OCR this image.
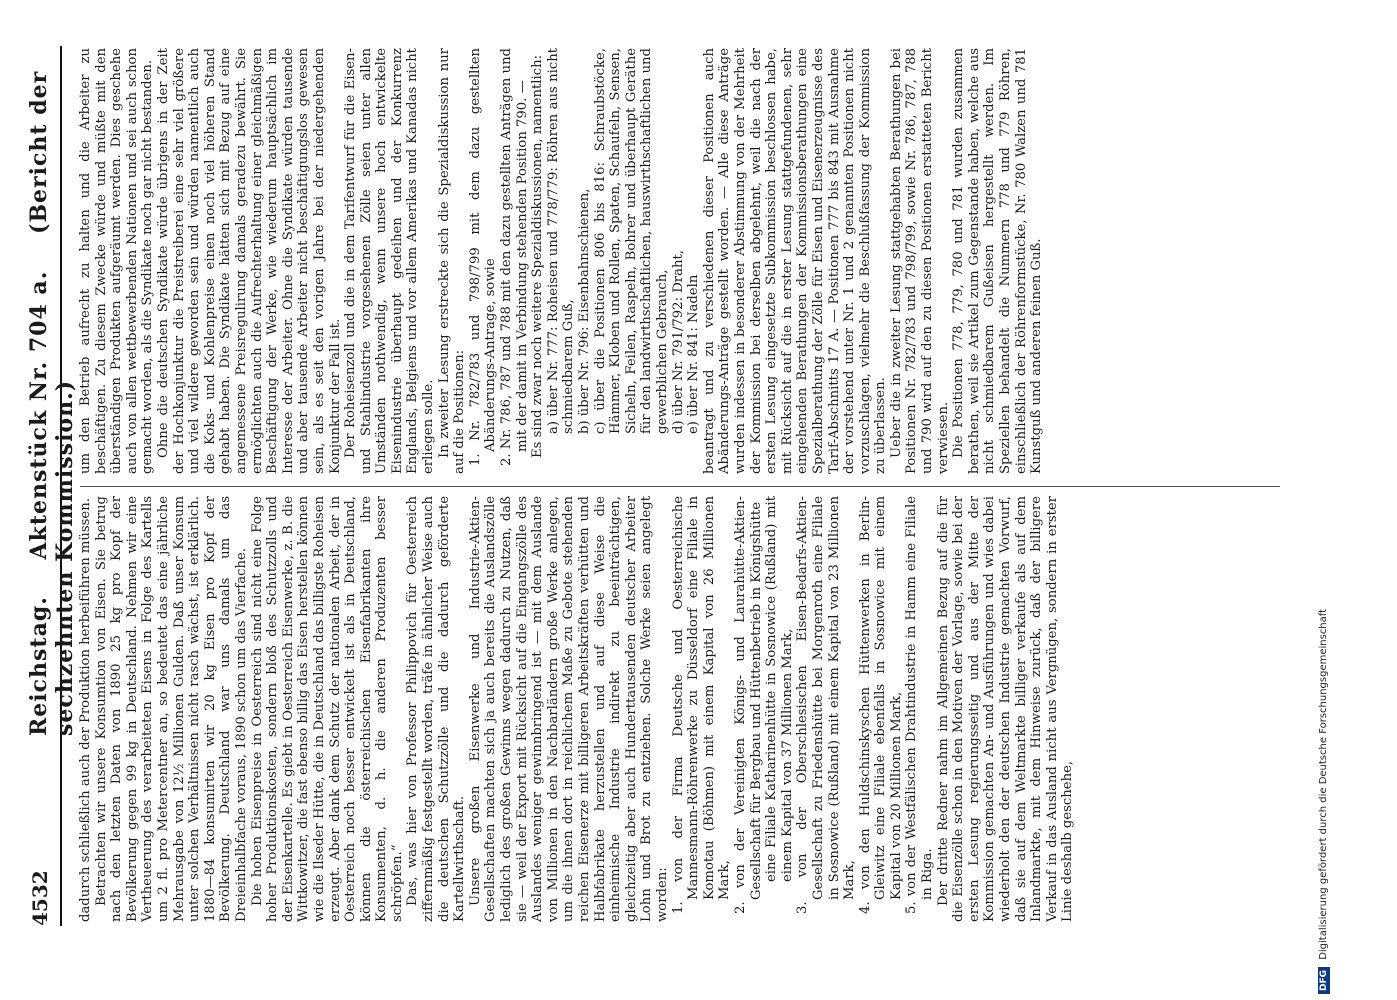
4532
Reichstag. Aktenstück Nr. 704 a. (Bericht der sechzehnten Kommission.) dadurch schließlich auch der Produktion herbeiführen müssen. Betrachten wir unsere Konsumtion von Eisen. Sie betrug nach den letzten Daten von 1890 25 kg pro Kopf der Bevölkerung gegen 99 kg in Deutschland. Nehmen wir eine Vertheuerung des verarbeiteten Eisens in Folge des Kartells um 2 fl. pro Metercentner an, so bedeutet das eine jährliche Mehrausgabe von 12½ Millionen Gulden. Daß unser Konsum unter solchen Verhältnissen nicht rasch wächst, ist erklärlich. 1880—84 konsumirten wir 20 kg Eisen pro Kopf der Bevölkerung. Deutschland war uns damals um das Dreieinhalbfache voraus, 1890 schon um das Vierfache. Die hohen Eisenpreise in Oesterreich sind nicht eine Folge hoher Produktionskosten, sondern bloß des Schutzzolls und der Eisenkartelle. Es giebt in Oesterreich Eisenwerke, z. B. die Wittkowitzer, die fast ebenso billig das Eisen herstellen können wie die Ilseder Hütte, die in Deutschland das billigste Roheisen erzeugt. Aber dank dem Schutz der nationalen Arbeit, der in Oesterreich noch besser entwickelt ist als in Deutschland, können die österreichischen Eisenfabrikanten ihre Konsumenten, d. h. die anderen Produzenten besser schröpfen.“ Das, was hier von Professor Philippovich für Oesterreich ziffernmäßig festgestellt worden, träfe in ähnlicher Weise auch die deutschen Schutzzölle und die dadurch geförderte Kartellwirthschaft. Unsere großen Eisenwerke und Industrie-Aktien-Gesellschaften machten sich ja auch bereits die Auslandszölle lediglich des großen Gewinns wegen dadurch zu Nutzen, daß sie — weil der Export mit Rücksicht auf die Eingangszölle des Auslandes weniger gewinnbringend ist — mit dem Auslande von Millionen in den Nachbarländern große Werke anlegen, um die ihnen dort in reichlichem Maße zu Gebote stehenden reichen Eisenerze mit billigeren Arbeitskräften verhütten und Halbfabrikate herzustellen und auf diese Weise die einheimische Industrie indirekt zu beeinträchtigen, gleichzeitig aber auch Hunderttausenden deutscher Arbeiter Lohn und Brot zu entziehen. Solche Werke seien angelegt worden: 1. von der Firma Deutsche und Oesterreichische Mannesmann-Röhrenwerke zu Düsseldorf eine Filiale in Komotau (Böhmen) mit einem Kapital von 26 Millionen Mark, 2. von der Vereinigten Königs- und Laurahütte-Aktien-Gesellschaft für Bergbau und Hüttenbetrieb in Königshütte eine Filiale Katharinenhütte in Sosnowice (Rußland) mit einem Kapital von 37 Millionen Mark, 3. von der Oberschlesischen Eisen-Bedarfs-Aktien-Gesellschaft zu Friedenshütte bei Morgenroth eine Filiale in Sosnowice (Rußland) mit einem Kapital von 23 Millionen Mark, 4. von den Huldschinskyschen Hüttenwerken in Berlin-Gleiwitz eine Filiale ebenfalls in Sosnowice mit einem Kapital von 20 Millionen Mark, 5. von der Westfälischen Drahtindustrie in Hamm eine Filiale in Riga. Der dritte Redner nahm im Allgemeinen Bezug auf die für die Eisenzölle schon in den Motiven der Vorlage, sowie bei der ersten Lesung regierungsseitig und aus der Mitte der Kommission gemachten An- und Ausführungen und wies dabei wiederholt den der deutschen Industrie gemachten Vorwurf, daß sie auf dem Weltmarkte billiger verkaufe als auf dem Inlandmarkte, mit dem Hinweise zurück, daß der billigere Verkauf in das Ausland nicht aus Vergnügen, sondern in erster Linie deshalb geschehe,

um den Betrieb aufrecht zu halten und die Arbeiter zu beschäftigen. Zu diesem Zwecke würde und müßte mit den überständigen Produkten aufgeräumt werden. Dies geschehe auch von allen wettbewerbenden Nationen und sei auch schon gemacht worden, als die Syndikate noch gar nicht bestanden. Ohne die deutschen Syndikate würde übrigens in der Zeit der Hochkonjunktur die Preistreiberei eine sehr viel größere und viel wildere geworden sein und würden namentlich auch die Koks- und Kohlenpreise einen noch viel höheren Stand gehabt haben. Die Syndikate hätten sich mit Bezug auf eine angemessene Preisregulirung damals geradezu bewährt. Sie ermöglichten auch die Aufrechterhaltung einer gleichmäßigen Beschäftigung der Werke, wie wiederum hauptsächlich im Interesse der Arbeiter. Ohne die Syndikate würden tausende und aber tausende Arbeiter nicht beschäftigungslos gewesen sein, als es seit den vorigen Jahre bei der niedergehenden Konjunktur der Fall ist. Der Roheisenzoll und die in dem Tarifentwurf für die Eisen- und Stahlindustrie vorgesehenen Zölle seien unter allen Umständen nothwendig, wenn unsere hoch entwickelte Eisenindustrie überhaupt gedeihen und der Konkurrenz Englands, Belgiens und vor allem Amerikas und Kanadas nicht erliegen solle. In zweiter Lesung erstreckte sich die Spezialdiskussion nur auf die Positionen: 1. Nr. 782/783 und 798/799 mit dem dazu gestellten Abänderungs-Antrage, sowie 2. Nr. 786, 787 und 788 mit den dazu gestellten Anträgen und mit der damit in Verbindung stehenden Position 790. — Es sind zwar noch weitere Spezialdiskussionen, namentlich: a) über Nr. 777: Roheisen und 778/779: Röhren aus nicht schmiedbarem Guß, b) über Nr. 796: Eisenbahnschienen, c) über die Positionen 806 bis 816: Schraubstöcke, Hämmer, Kloben und Rollen, Spaten, Schaufeln, Sensen, Sicheln, Feilen, Raspeln, Bohrer und überhaupt Geräthe für den landwirthschaftlichen, hauswirthschaftlichen und gewerblichen Gebrauch, d) über Nr. 791/792: Draht, e) über Nr. 841: Nadeln beantragt und zu verschiedenen dieser Positionen auch Abänderungs-Anträge gestellt worden. — Alle diese Anträge wurden indessen in besonderer Abstimmung von der Mehrheit der Kommission bei derselben abgelehnt, weil die nach der ersten Lesung eingesetzte Subkommission beschlossen habe, mit Rücksicht auf die in erster Lesung stattgefundenen, sehr eingehenden Berathungen der Kommissionsberathungen eine Spezialberathung der Zölle für Eisen und Eisenerzeugnisse des Tarif-Abschnitts 17 A. — Positionen 777 bis 843 mit Ausnahme der vorstehend unter Nr. 1 und 2 genannten Positionen nicht vorzuschlagen, vielmehr die Beschlußfassung der Kommission zu überlassen. Ueber die in zweiter Lesung stattgehabten Berathungen bei Positionen Nr. 782/783 und 798/799, sowie Nr. 786, 787, 788 und 790 wird auf den zu diesen Positionen erstatteten Bericht verwiesen. Die Positionen 778, 779, 780 und 781 wurden zusammen berathen, weil sie Artikel zum Gegenstande haben, welche aus nicht schmiedbarem Gußeisen hergestellt werden. Im Speziellen behandelt die Nummern 778 und 779 Röhren, einschließlich der Röhrenformstücke, Nr. 780 Walzen und 781 Kunstguß und anderen feinen Guß.

DFG Digitalisierung gefördert durch die Deutsche Forschungsgemeinschaft
